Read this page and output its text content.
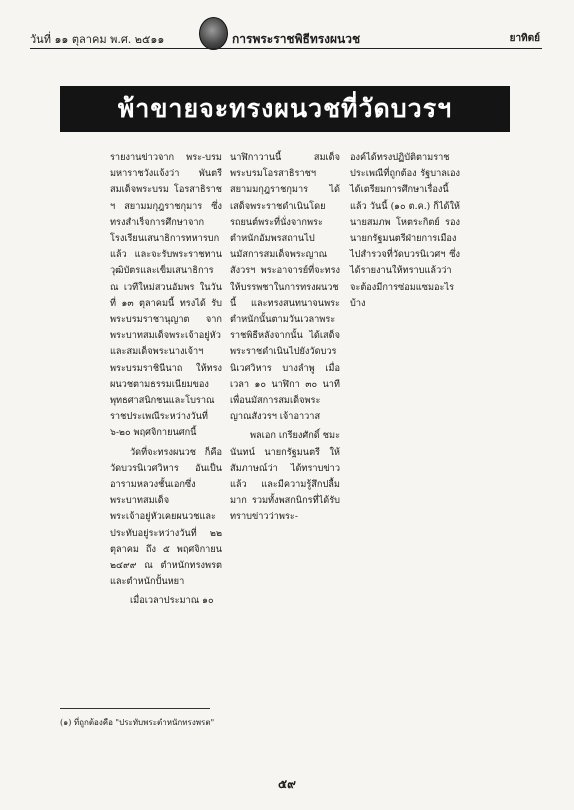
วันที่ ๑๑ ตุลาคม พ.ศ. ๒๕๑๑	การพระราชพิธีทรงผนวช	ยาทิตย์
พ้าขายจะทรงผนวชที่วัดบวรฯ

รายงานข่าวจาก พระ-บรมมหาราชวังแจ้งว่า พันตรีสมเด็จพระบรม โอรสาธิราช ฯ สยามมกุฎราชกุมาร ซึ่งทรงสำเร็จการศึกษาจาก โรงเรียนเสนาธิการทหารบกแล้ว และจะรับพระราชทานวุฒิบัตรและเข็มเสนาธิการ ณ เวทีใหม่สวนอัมพร ในวันที่ ๑๓ ตุลาคมนี้ ทรงได้ รับพระบรมราชานุญาต จากพระบาทสมเด็จพระเจ้าอยู่หัว และสมเด็จพระนางเจ้าฯ พระบรมราชินีนาถ ให้ทรงผนวชตามธรรมเนียมของพุทธศาสนิกชนและโบราณราชประเพณีระหว่างวันที่ ๖-๒๐ พฤศจิกายนศกนี้

วัดที่จะทรงผนวช ก็คือวัดบวรนิเวศวิหาร อันเป็นอารามหลวงชั้นเอกซึ่งพระบาทสมเด็จ พระเจ้าอยู่หัวเคยผนวชและประทับอยู่ระหว่างวันที่ ๒๒ ตุลาคม ถึง ๕ พฤศจิกายน ๒๔๙๙ ณ ตำหนักทรงพรตและตำหนักปั้นหยา

เมื่อเวลาประมาณ ๑๐

นาฬิกาวานนี้ สมเด็จพระบรมโอรสาธิราชฯ สยามมกุฎราชกุมาร ได้เสด็จพระราชดำเนินโดยรถยนต์พระที่นั่งจากพระตำหนักอัมพรสถานไปนมัสการสมเด็จพระญาณสังวรฯ พระอาจารย์ที่จะทรงให้บรรพชาในการทรงผนวชนี้ และทรงสนทนาจนพระตำหนักนั้นตามวันเวลาพระราชพิธีหลังจากนั้น ได้เสด็จพระราชดำเนินไปยังวัดบวรนิเวศวิหาร บางลำพู เมื่อเวลา ๑๐ นาฬิกา ๓๐ นาที เพื่อนมัสการสมเด็จพระญาณสังวรฯ เจ้าอาวาส

พลเอก เกรียงศักดิ์ ชมะนันทน์ นายกรัฐมนตรี ให้สัมภาษณ์ว่า ได้ทราบข่าวแล้ว และมีความรู้สึกปลื้มมาก รวมทั้งพสกนิกรที่ได้รับทราบข่าวว่าพระ-

องค์ได้ทรงปฏิบัติตามราชประเพณีที่ถูกต้อง รัฐบาลเองได้เตรียมการศึกษาเรื่องนี้แล้ว วันนี้ (๑๐ ต.ค.) ก็ได้ให้นายสมภพ โหตระกิตย์ รองนายกรัฐมนตรีฝ่ายการเมือง ไปสำรวจที่วัดบวรนิเวศฯ ซึ่งได้รายงานให้ทราบแล้วว่า จะต้องมีการซ่อมแซมอะไรบ้าง

(๑) ที่ถูกต้องคือ "ประทับพระตำหนักทรงพรต"
๕๙
